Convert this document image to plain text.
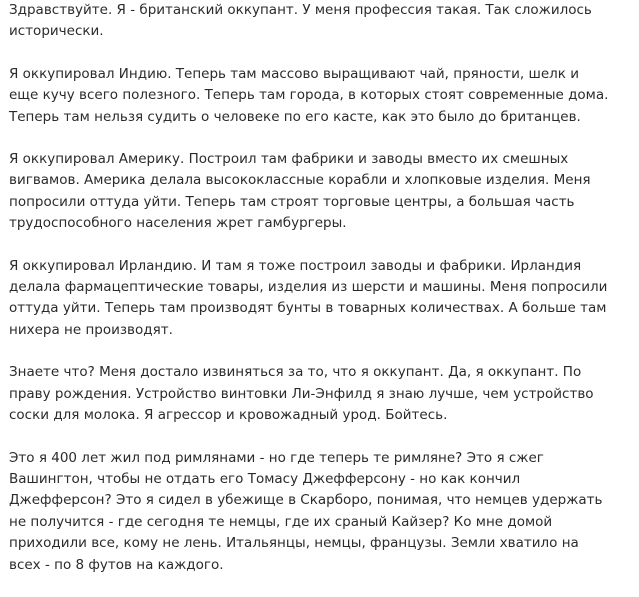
Здравствуйте. Я - британский оккупант. У меня профессия такая. Так сложилось
исторически.

Я оккупировал Индию. Теперь там массово выращивают чай, пряности, шелк и
еще кучу всего полезного. Теперь там города, в которых стоят современные дома.
Теперь там нельзя судить о человеке по его касте, как это было до британцев.

Я оккупировал Америку. Построил там фабрики и заводы вместо их смешных
вигвамов. Америка делала высококлассные корабли и хлопковые изделия. Меня
попросили оттуда уйти. Теперь там строят торговые центры, а большая часть
трудоспособного населения жрет гамбургеры.

Я оккупировал Ирландию. И там я тоже построил заводы и фабрики. Ирландия
делала фармацептические товары, изделия из шерсти и машины. Меня попросили
оттуда уйти. Теперь там производят бунты в товарных количествах. А больше там
нихера не производят.

Знаете что? Меня достало извиняться за то, что я оккупант. Да, я оккупант. По
праву рождения. Устройство винтовки Ли-Энфилд я знаю лучше, чем устройство
соски для молока. Я агрессор и кровожадный урод. Бойтесь.

Это я 400 лет жил под римлянами - но где теперь те римляне? Это я сжег
Вашингтон, чтобы не отдать его Томасу Джефферсону - но как кончил
Джефферсон? Это я сидел в убежище в Скарборо, понимая, что немцев удержать
не получится - где сегодня те немцы, где их сраный Кайзер? Ко мне домой
приходили все, кому не лень. Итальянцы, немцы, французы. Земли хватило на
всех - по 8 футов на каждого.
